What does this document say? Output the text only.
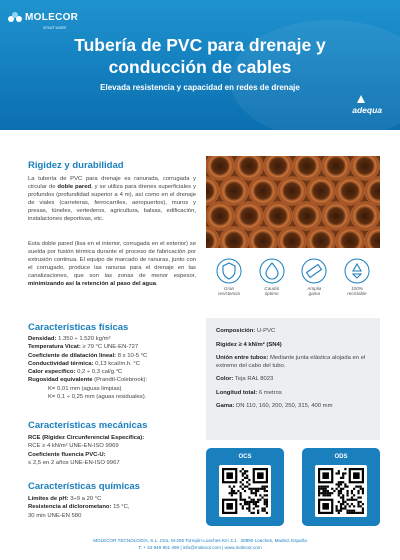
MOLECOR
smart water
Tubería de PVC para drenaje y
conducción de cables
Elevada resistencia y capacidad en redes de drenaje
adequa
Rigidez y durabilidad

La tubería de PVC para drenaje es ranurada, corrugada y circular de doble pared, y se utiliza para drenes superficiales y profundos (profundidad superior a 4 m), así como en el drenaje de viales (carreteras, ferrocarriles, aeropuertos), muros y presas, túneles, vertederos, agricultura, balsas, edificación, instalaciones deportivas, etc.

Esta doble pared (lisa en el interior, corrugada en el exterior) se suelda por fusión térmica durante el proceso de fabricación por extrusión continua. El equipo de marcado de ranuras, junto con el corrugado, produce las ranuras para el drenaje en las canalizaciones, que son las zonas de menor espesor, minimizando así la retención al paso del agua.

Gran
resistencia
Caudal
óptimo
Amplia
gama
100%
reciclable
Características físicas
Densidad: 1.350 ÷ 1.520 kg/m³
Temperatura Vicat: ≥ 79 °C UNE-EN-727
Coeficiente de dilatación lineal: 8 x 10-5 °C
Conductividad térmica: 0,13 kcal/m.h. °C
Calor específico: 0,2 ÷ 0,3 cal/g.°C
Rugosidad equivalente (Prandtl-Colebrook):
K= 0,01 mm (aguas limpias)
K= 0,1 ÷ 0,25 mm (aguas residuales).
Características mecánicas
RCE (Rigidez Circunferencial Específica):
RCE ≥ 4 kN/m² UNE-EN-ISO 9969
Coeficiente fluencia PVC-U:
≤ 2,5 en 2 años UNE-EN-ISO 9967
Características químicas
Límites de pH: 3÷9 a 20 °C
Resistencia al diclorometano: 15 °C,
30 min UNE-EN 580
Composición: U-PVC
Rigidez ≥ 4 kN/m² (SN4)
Unión entre tubos: Mediante junta elástica alojada en el extremo del cabo del tubo.
Color: Teja RAL 8023
Longitud total: 6 metros
Gama: DN 110, 160, 200, 250, 315, 400 mm
OCS	ODS
MOLECOR TECNOLOGÍA, S.L. Ctra. M-206 Torrejón-Loeches Km 3.1 · 28890 Loeches, Madrid, España
T: + 34 949 801 459 | info@molecor.com | www.molecor.com
